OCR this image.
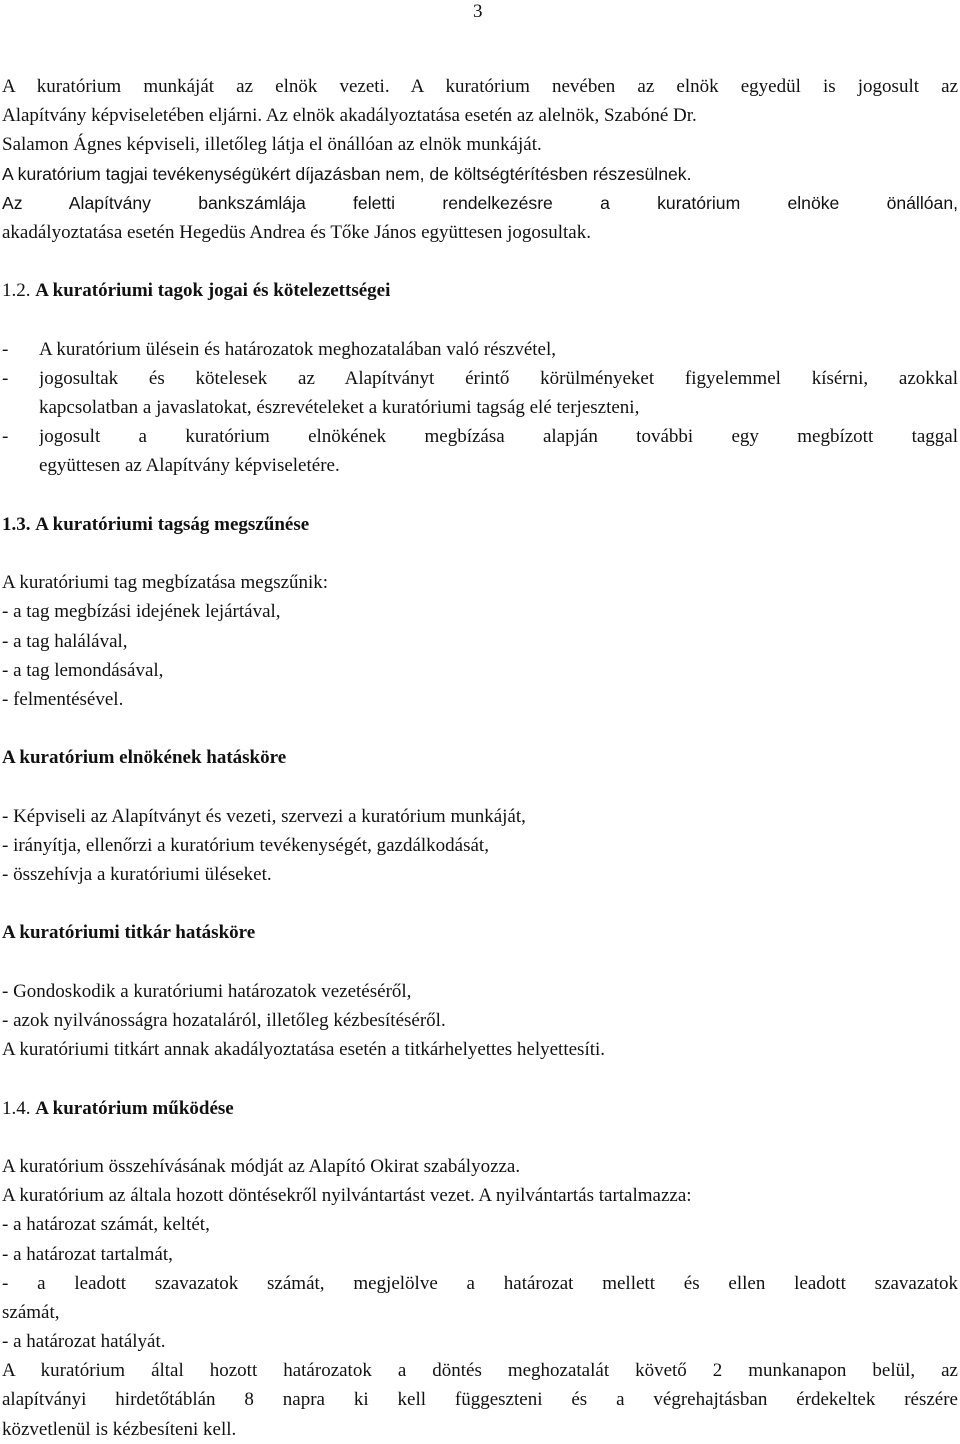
3
A kuratórium munkáját az elnök vezeti. A kuratórium nevében az elnök egyedül is jogosult az
Alapítvány képviseletében eljárni. Az elnök akadályoztatása esetén az alelnök, Szabóné Dr.
Salamon Ágnes képviseli, illetőleg látja el önállóan az elnök munkáját.
A kuratórium tagjai tevékenységükért díjazásban nem, de költségtérítésben részesülnek.
Az Alapítvány bankszámlája feletti rendelkezésre a kuratórium elnöke önállóan,
akadályoztatása esetén Hegedüs Andrea és Tőke János együttesen jogosultak.
1.2. A kuratóriumi tagok jogai és kötelezettségei
-	A kuratórium ülésein és határozatok meghozatalában való részvétel,
-	jogosultak és kötelesek az Alapítványt érintő körülményeket figyelemmel kísérni, azokkal
kapcsolatban a javaslatokat, észrevételeket a kuratóriumi tagság elé terjeszteni,
-	jogosult a kuratórium elnökének megbízása alapján további egy megbízott taggal
együttesen az Alapítvány képviseletére.
1.3. A kuratóriumi tagság megszűnése
A kuratóriumi tag megbízatása megszűnik:
- a tag megbízási idejének lejártával,
- a tag halálával,
- a tag lemondásával,
- felmentésével.
A kuratórium elnökének hatásköre
- Képviseli az Alapítványt és vezeti, szervezi a kuratórium munkáját,
- irányítja, ellenőrzi a kuratórium tevékenységét, gazdálkodását,
- összehívja a kuratóriumi üléseket.
A kuratóriumi titkár hatásköre
- Gondoskodik a kuratóriumi határozatok vezetéséről,
- azok nyilvánosságra hozataláról, illetőleg kézbesítéséről.
A kuratóriumi titkárt annak akadályoztatása esetén a titkárhelyettes helyettesíti.
1.4. A kuratórium működése
A kuratórium összehívásának módját az Alapító Okirat szabályozza.
A kuratórium az általa hozott döntésekről nyilvántartást vezet. A nyilvántartás tartalmazza:
- a határozat számát, keltét,
- a határozat tartalmát,
- a leadott szavazatok számát, megjelölve a határozat mellett és ellen leadott szavazatok
számát,
- a határozat hatályát.
A kuratórium által hozott határozatok a döntés meghozatalát követő 2 munkanapon belül, az
alapítványi hirdetőtáblán 8 napra ki kell függeszteni és a végrehajtásban érdekeltek részére
közvetlenül is kézbesíteni kell.
